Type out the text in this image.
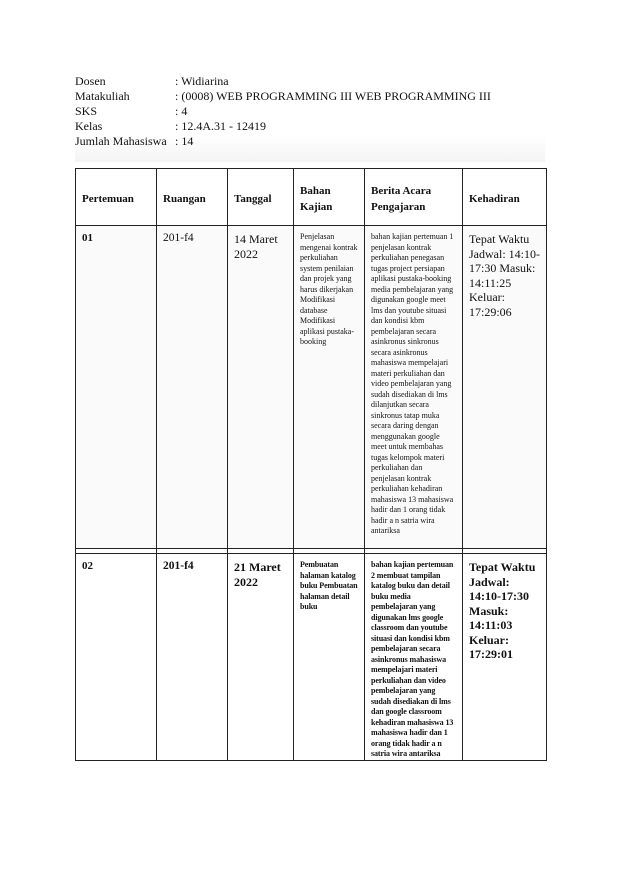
Dosen	: Widiarina
Matakuliah	: (0008) WEB PROGRAMMING III WEB PROGRAMMING III
SKS	: 4
Kelas	: 12.4A.31 - 12419
Jumlah Mahasiswa : 14
Pertemuan	Ruangan	Tanggal	Bahan Kajian	Berita Acara Pengajaran	Kehadiran

01	201-f4	14 Maret 2022	Penjelasan mengenai kontrak perkuliahan system penilaian dan projek yang harus dikerjakan Modifikasi database Modifikasi aplikasi pustaka-booking	bahan kajian pertemuan 1 penjelasan kontrak perkuliahan penegasan tugas project persiapan aplikasi pustaka-booking media pembelajaran yang digunakan google meet lms dan youtube situasi dan kondisi kbm pembelajaran secara asinkronus sinkronus secara asinkronus mahasiswa mempelajari materi perkuliahan dan video pembelajaran yang sudah disediakan di lms dilanjutkan secara sinkronus tatap muka secara daring dengan menggunakan google meet untuk membahas tugas kelompok materi perkuliahan dan penjelasan kontrak perkuliahan kehadiran mahasiswa 13 mahasiswa hadir dan 1 orang tidak hadir a n satria wira antariksa	Tepat Waktu Jadwal: 14:10-17:30 Masuk: 14:11:25 Keluar: 17:29:06

02	201-f4	21 Maret 2022	Pembuatan halaman katalog buku Pembuatan halaman detail buku	bahan kajian pertemuan 2 membuat tampilan katalog buku dan detail buku media pembelajaran yang digunakan lms google classroom dan youtube situasi dan kondisi kbm pembelajaran secara asinkronus mahasiswa mempelajari materi perkuliahan dan video pembelajaran yang sudah disediakan di lms dan google classroom kehadiran mahasiswa 13 mahasiswa hadir dan 1 orang tidak hadir a n satria wira antariksa	Tepat Waktu Jadwal: 14:10-17:30 Masuk: 14:11:03 Keluar: 17:29:01
